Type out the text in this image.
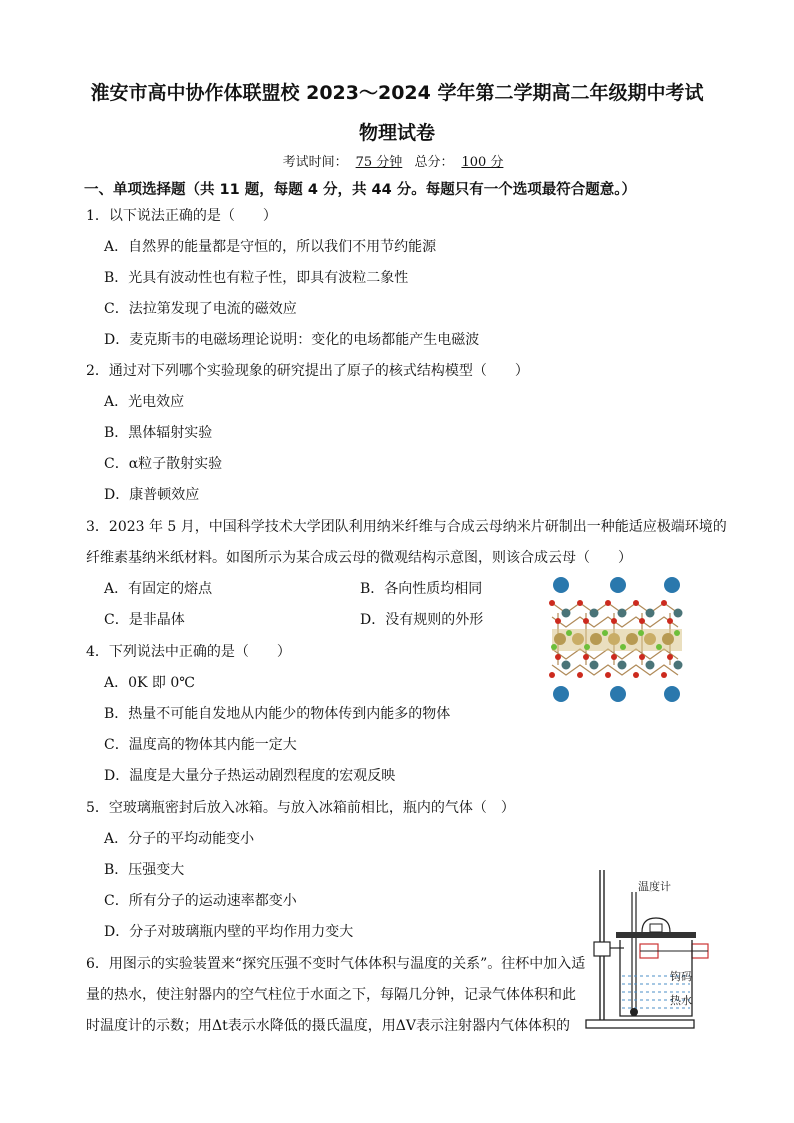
淮安市高中协作体联盟校 2023～2024 学年第二学期高二年级期中考试
物理试卷
考试时间： 75 分钟 总分： 100 分
一、单项选择题（共 11 题，每题 4 分，共 44 分。每题只有一个选项最符合题意。）
1．以下说法正确的是（　　）
A．自然界的能量都是守恒的，所以我们不用节约能源
B．光具有波动性也有粒子性，即具有波粒二象性
C．法拉第发现了电流的磁效应
D．麦克斯韦的电磁场理论说明：变化的电场都能产生电磁波
2．通过对下列哪个实验现象的研究提出了原子的核式结构模型（　　）
A．光电效应
B．黑体辐射实验
C．α粒子散射实验
D．康普顿效应
3．2023 年 5 月，中国科学技术大学团队利用纳米纤维与合成云母纳米片研制出一种能适应极端环境的
纤维素基纳米纸材料。如图所示为某合成云母的微观结构示意图，则该合成云母（　　）
A．有固定的熔点	B．各向性质均相同
C．是非晶体	D．没有规则的外形
4．下列说法中正确的是（　　）
A．0K 即 0℃
B．热量不可能自发地从内能少的物体传到内能多的物体
C．温度高的物体其内能一定大
D．温度是大量分子热运动剧烈程度的宏观反映
5．空玻璃瓶密封后放入冰箱。与放入冰箱前相比，瓶内的气体（　）
A．分子的平均动能变小
B．压强变大
C．所有分子的运动速率都变小
D．分子对玻璃瓶内壁的平均作用力变大
6．用图示的实验装置来“探究压强不变时气体体积与温度的关系”。往杯中加入适
量的热水，使注射器内的空气柱位于水面之下，每隔几分钟，记录气体体积和此
时温度计的示数；用Δt表示水降低的摄氏温度，用ΔV表示注射器内气体体积的
温度计
钩码
热水
